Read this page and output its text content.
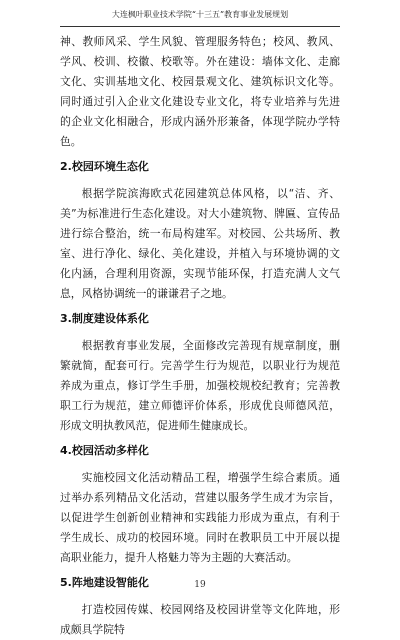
大连枫叶职业技术学院“十三五”教育事业发展规划

神、教师风采、学生风貌、管理服务特色；校风、教风、学风、校训、校徽、校歌等。外在建设：墙体文化、走廊文化、实训基地文化、校园景观文化、建筑标识文化等。同时通过引入企业文化建设专业文化，将专业培养与先进的企业文化相融合，形成内涵外形兼备，体现学院办学特色。

2.校园环境生态化

根据学院滨海欧式花园建筑总体风格，以“洁、齐、美”为标准进行生态化建设。对大小建筑物、牌匾、宣传品进行综合整治，统一布局构建军。对校园、公共场所、教室、进行净化、绿化、美化建设，并植入与环境协调的文化内涵，合理利用资源，实现节能环保，打造充满人文气息，风格协调统一的谦谦君子之地。

3.制度建设体系化

根据教育事业发展，全面修改完善现有规章制度，删繁就简，配套可行。完善学生行为规范，以职业行为规范养成为重点，修订学生手册，加强校规校纪教育；完善教职工行为规范，建立师德评价体系，形成优良师德风范，形成文明执教风范，促进师生健康成长。

4.校园活动多样化

实施校园文化活动精品工程，增强学生综合素质。通过举办系列精品文化活动，营建以服务学生成才为宗旨，以促进学生创新创业精神和实践能力形成为重点，有利于学生成长、成功的校园环境。同时在教职员工中开展以提高职业能力，提升人格魅力等为主题的大赛活动。

5.阵地建设智能化

打造校园传媒、校园网络及校园讲堂等文化阵地，形成颇具学院特

19
